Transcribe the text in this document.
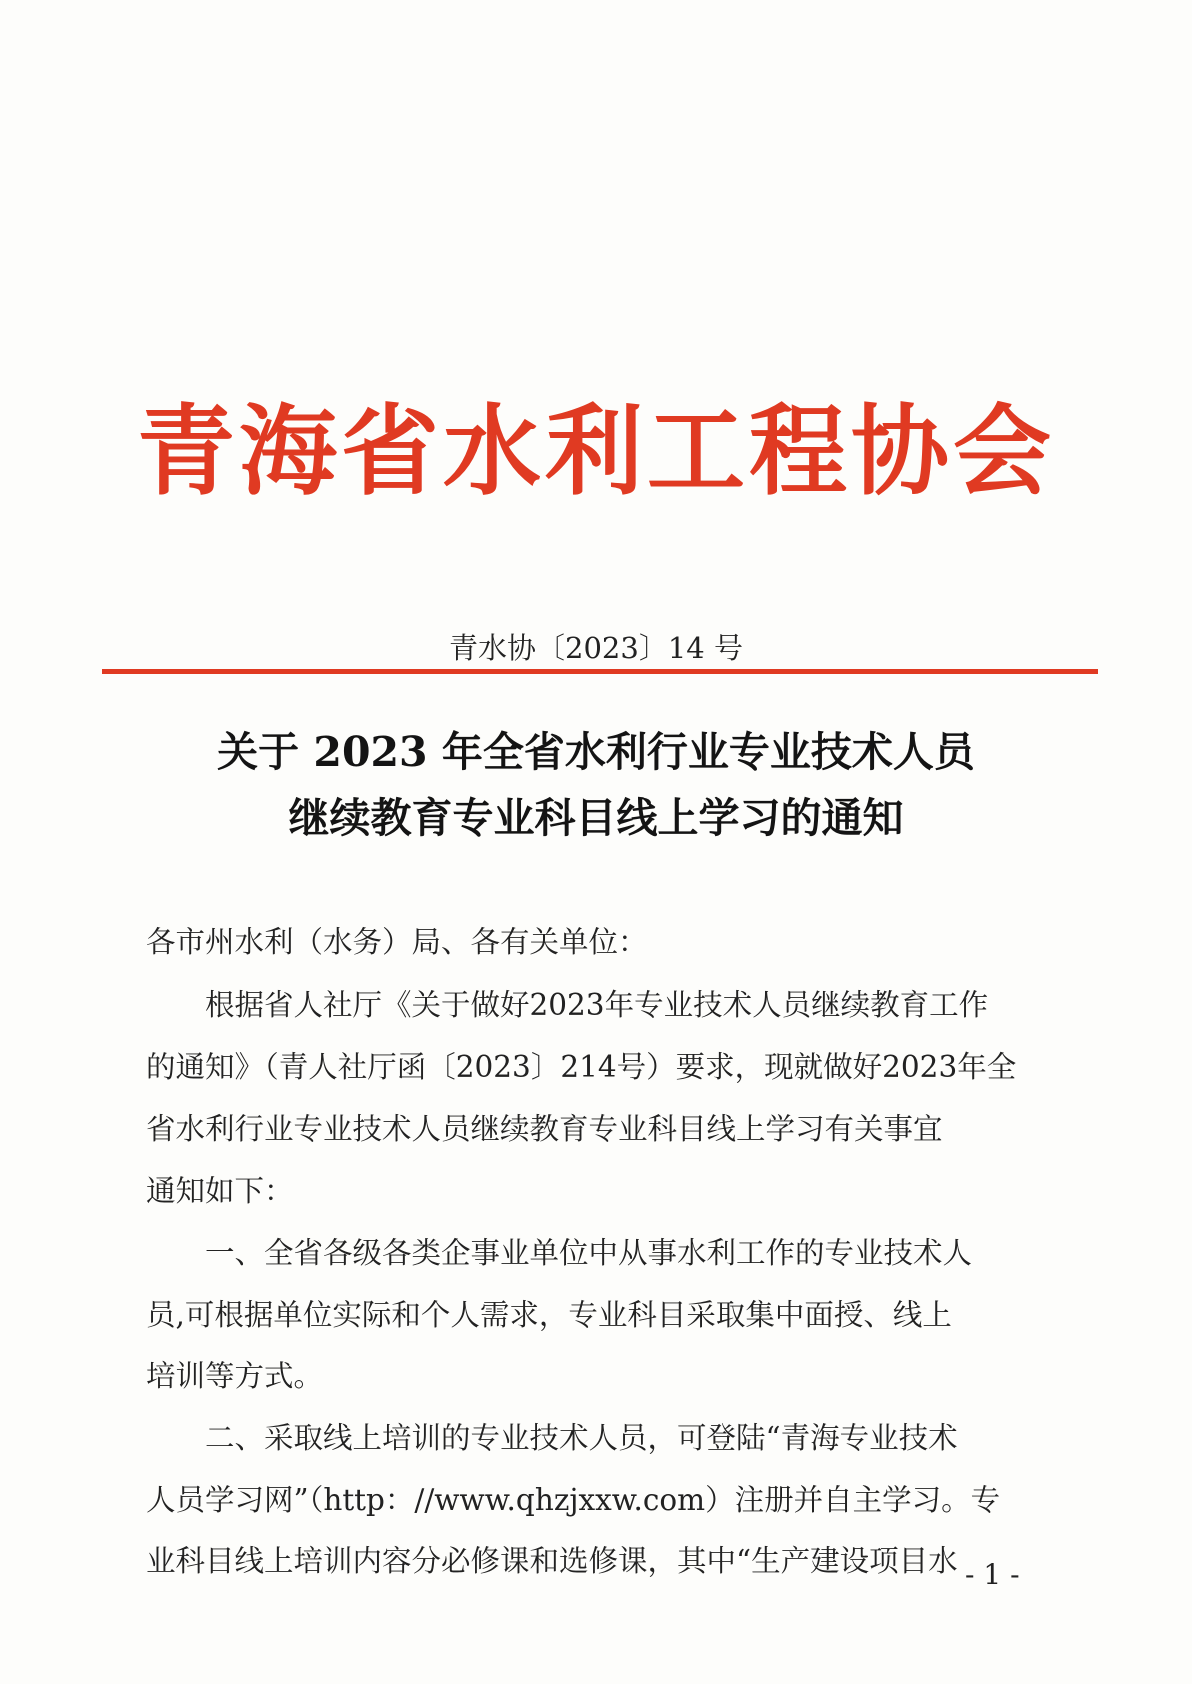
青海省水利工程协会
青水协〔2023〕14 号
关于 2023 年全省水利行业专业技术人员
继续教育专业科目线上学习的通知
各市州水利（水务）局、各有关单位：
　　根据省人社厅《关于做好2023年专业技术人员继续教育工作
的通知》（青人社厅函〔2023〕214号）要求，现就做好2023年全
省水利行业专业技术人员继续教育专业科目线上学习有关事宜
通知如下：
　　一、全省各级各类企事业单位中从事水利工作的专业技术人
员,可根据单位实际和个人需求，专业科目采取集中面授、线上
培训等方式。
　　二、采取线上培训的专业技术人员，可登陆“青海专业技术
人员学习网”（http：//www.qhzjxxw.com）注册并自主学习。专
业科目线上培训内容分必修课和选修课，其中“生产建设项目水 - 1 -
